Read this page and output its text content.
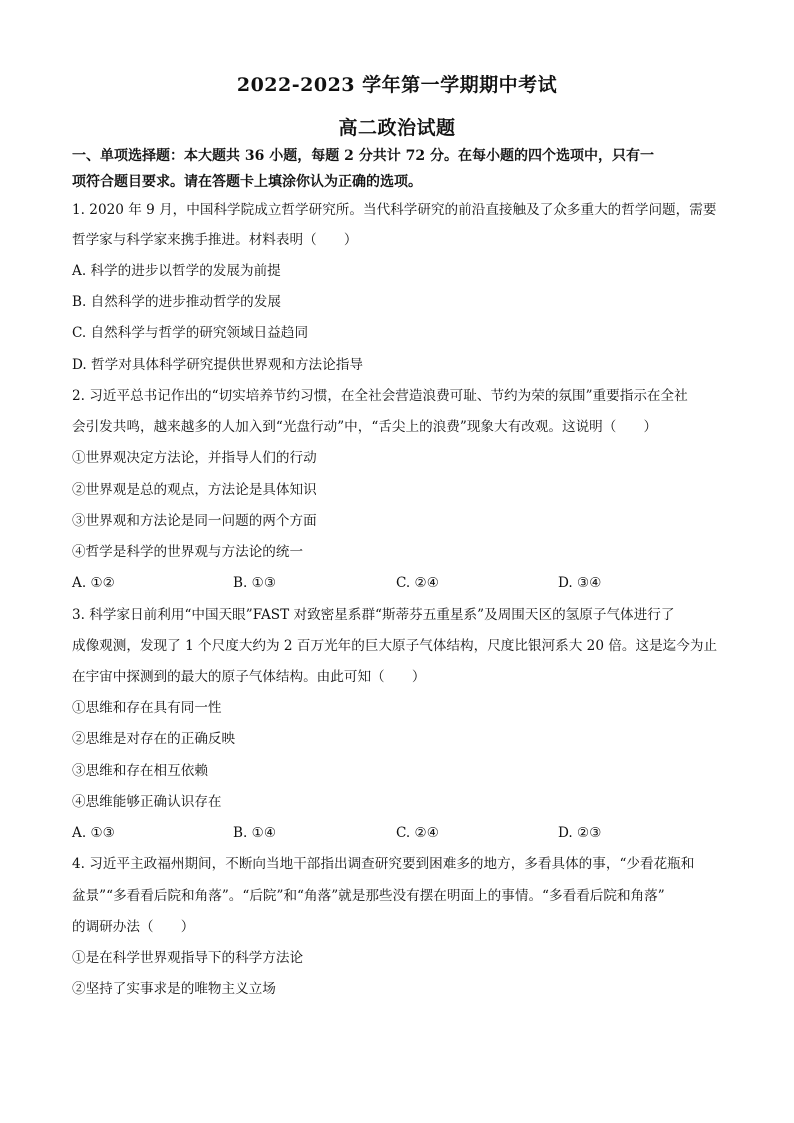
2022-2023 学年第一学期期中考试
高二政治试题
一、单项选择题：本大题共 36 小题，每题 2 分共计 72 分。在每小题的四个选项中，只有一
项符合题目要求。请在答题卡上填涂你认为正确的选项。
1. 2020 年 9 月，中国科学院成立哲学研究所。当代科学研究的前沿直接触及了众多重大的哲学问题，需要
哲学家与科学家来携手推进。材料表明（　　）
A. 科学的进步以哲学的发展为前提
B. 自然科学的进步推动哲学的发展
C. 自然科学与哲学的研究领域日益趋同
D. 哲学对具体科学研究提供世界观和方法论指导
2. 习近平总书记作出的“切实培养节约习惯，在全社会营造浪费可耻、节约为荣的氛围”重要指示在全社
会引发共鸣，越来越多的人加入到“光盘行动”中，“舌尖上的浪费”现象大有改观。这说明（　　）
①世界观决定方法论，并指导人们的行动
②世界观是总的观点，方法论是具体知识
③世界观和方法论是同一问题的两个方面
④哲学是科学的世界观与方法论的统一
A. ①②	B. ①③	C. ②④	D. ③④
3. 科学家日前利用“中国天眼”FAST 对致密星系群“斯蒂芬五重星系”及周围天区的氢原子气体进行了
成像观测，发现了 1 个尺度大约为 2 百万光年的巨大原子气体结构，尺度比银河系大 20 倍。这是迄今为止
在宇宙中探测到的最大的原子气体结构。由此可知（　　）
①思维和存在具有同一性
②思维是对存在的正确反映
③思维和存在相互依赖
④思维能够正确认识存在
A. ①③	B. ①④	C. ②④	D. ②③
4. 习近平主政福州期间，不断向当地干部指出调查研究要到困难多的地方，多看具体的事，“少看花瓶和
盆景”“多看看后院和角落”。“后院”和“角落”就是那些没有摆在明面上的事情。“多看看后院和角落”
的调研办法（　　）
①是在科学世界观指导下的科学方法论
②坚持了实事求是的唯物主义立场
